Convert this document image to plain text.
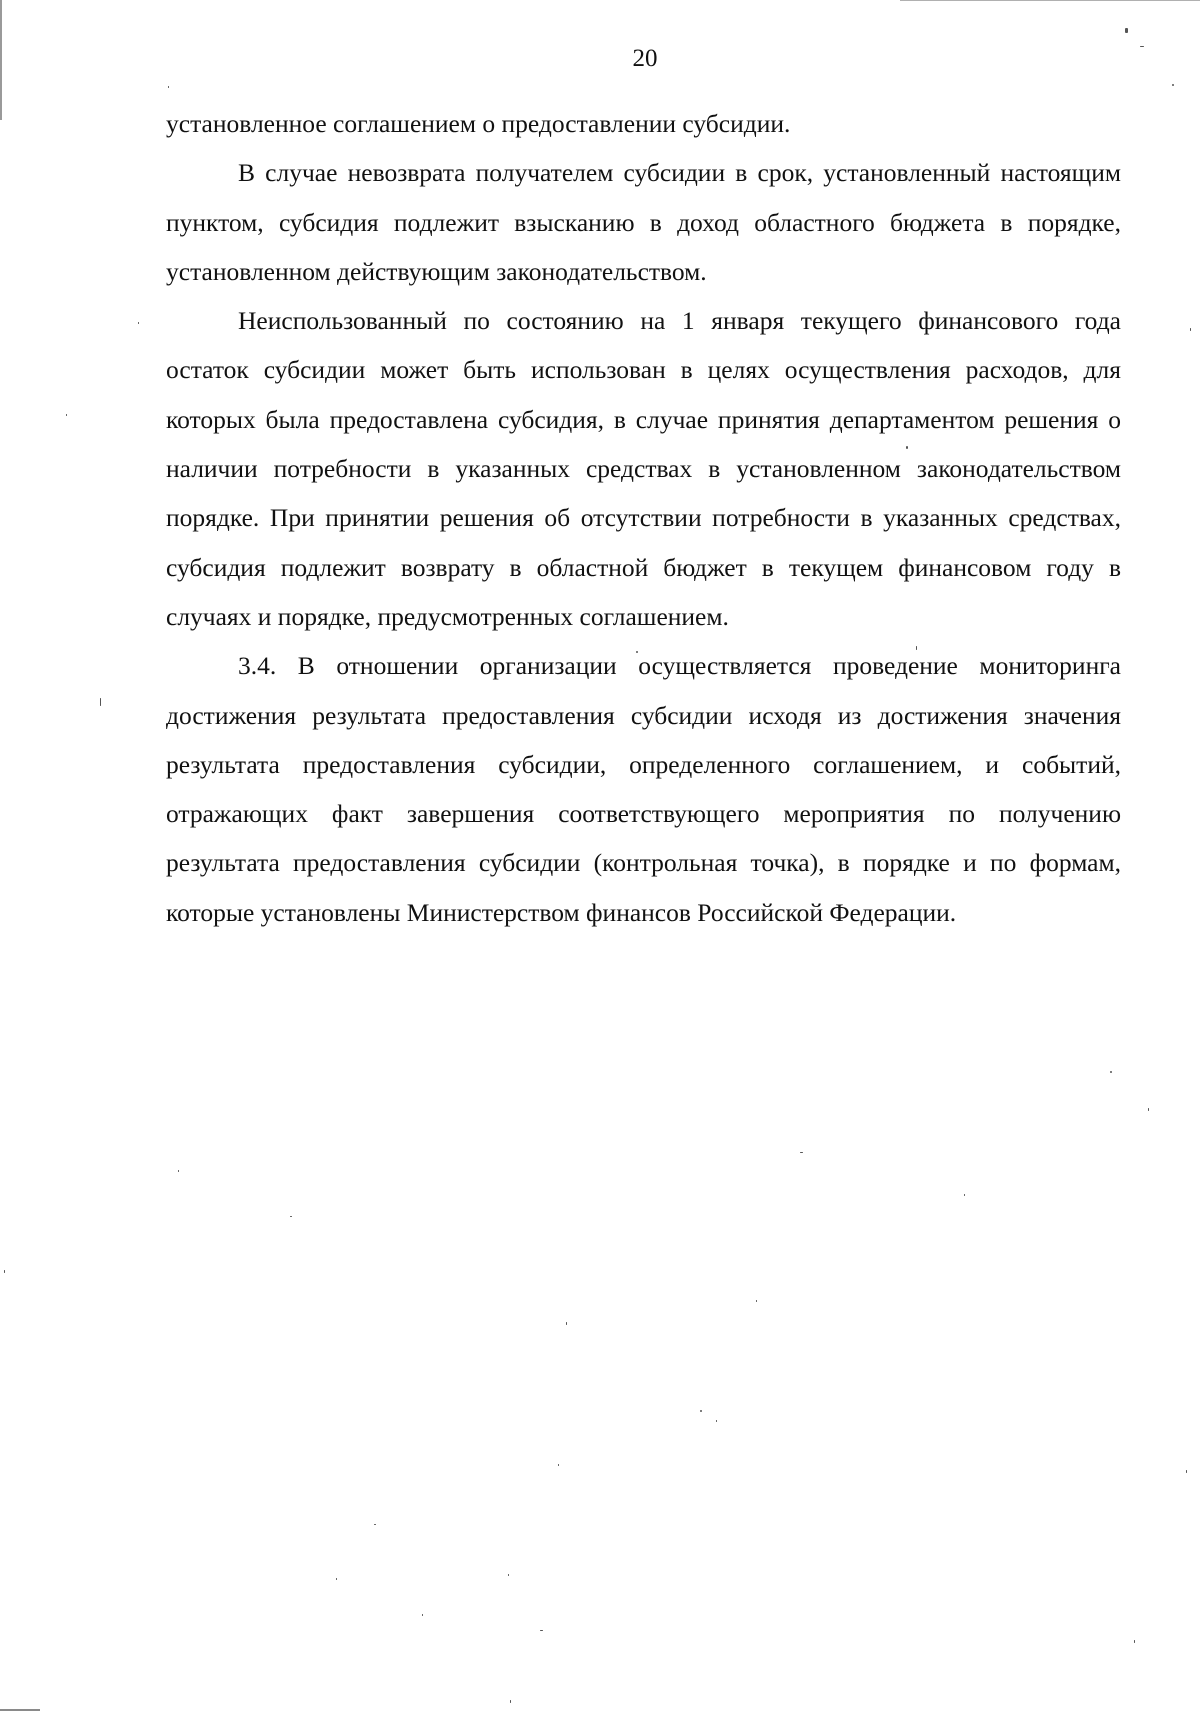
20

установленное соглашением о предоставлении субсидии.

В случае невозврата получателем субсидии в срок, установленный настоящим пунктом, субсидия подлежит взысканию в доход областного бюджета в порядке, установленном действующим законодательством.

Неиспользованный по состоянию на 1 января текущего финансового года остаток субсидии может быть использован в целях осуществления расходов, для которых была предоставлена субсидия, в случае принятия департаментом решения о наличии потребности в указанных средствах в установленном законодательством порядке. При принятии решения об отсутствии потребности в указанных средствах, субсидия подлежит возврату в областной бюджет в текущем финансовом году в случаях и порядке, предусмотренных соглашением.

3.4. В отношении организации осуществляется проведение мониторинга достижения результата предоставления субсидии исходя из достижения значения результата предоставления субсидии, определенного соглашением, и событий, отражающих факт завершения соответствующего мероприятия по получению результата предоставления субсидии (контрольная точка), в порядке и по формам, которые установлены Министерством финансов Российской Федерации.
